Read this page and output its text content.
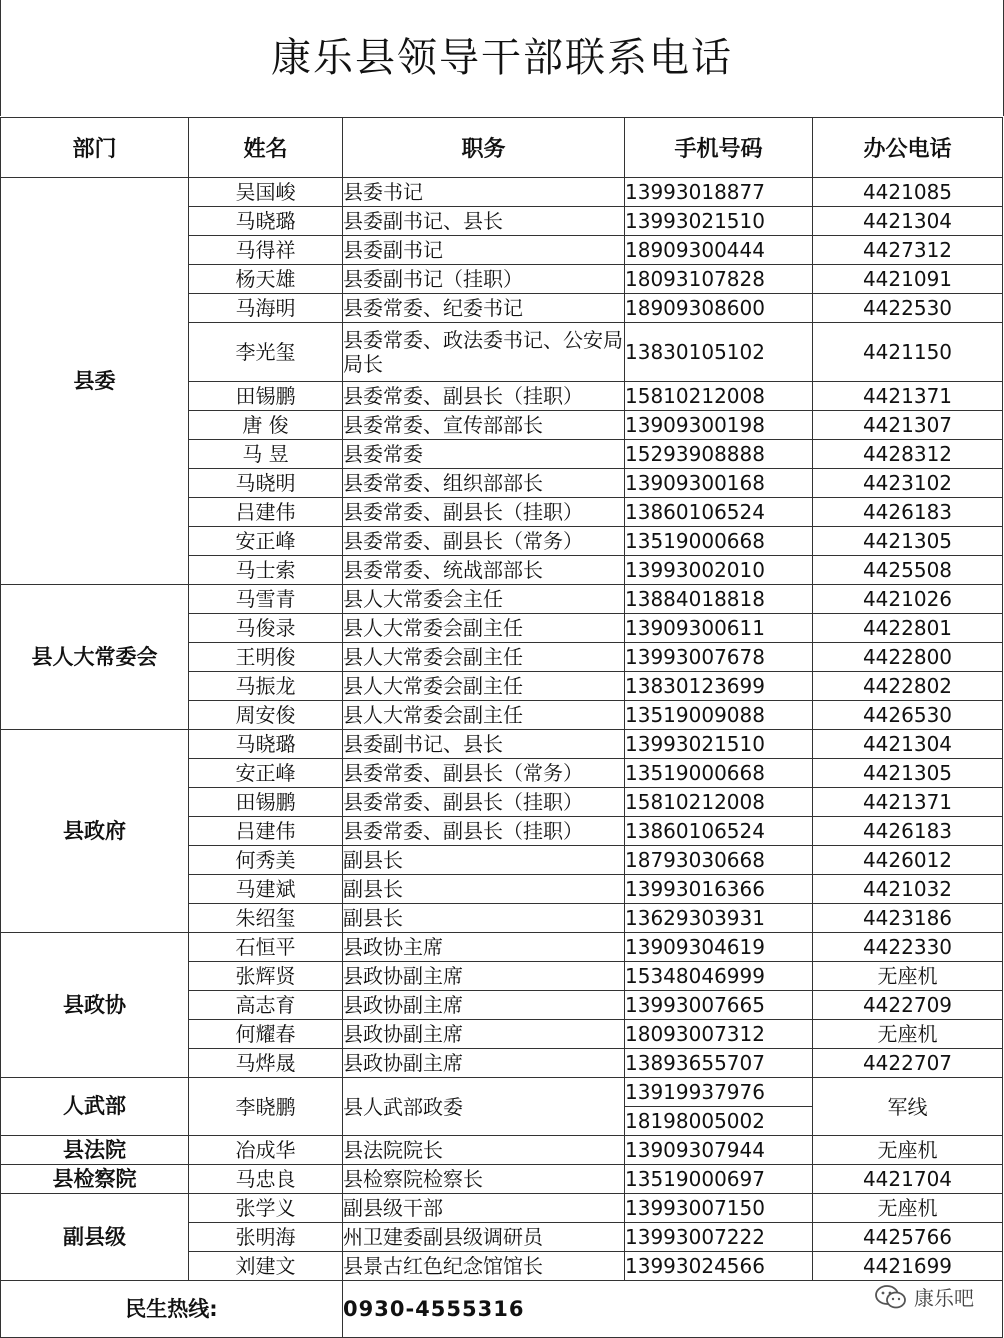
康乐县领导干部联系电话
部门	姓名	职务	手机号码	办公电话
县委	吴国峻	县委书记	13993018877	4421085
	马晓璐	县委副书记、县长	13993021510	4421304
	马得祥	县委副书记	18909300444	4427312
	杨天雄	县委副书记（挂职）	18093107828	4421091
	马海明	县委常委、纪委书记	18909308600	4422530
	李光玺	县委常委、政法委书记、公安局局长	13830105102	4421150
	田锡鹏	县委常委、副县长（挂职）	15810212008	4421371
	唐 俊	县委常委、宣传部部长	13909300198	4421307
	马 昱	县委常委	15293908888	4428312
	马晓明	县委常委、组织部部长	13909300168	4423102
	吕建伟	县委常委、副县长（挂职）	13860106524	4426183
	安正峰	县委常委、副县长（常务）	13519000668	4421305
	马士索	县委常委、统战部部长	13993002010	4425508
县人大常委会	马雪青	县人大常委会主任	13884018818	4421026
	马俊录	县人大常委会副主任	13909300611	4422801
	王明俊	县人大常委会副主任	13993007678	4422800
	马振龙	县人大常委会副主任	13830123699	4422802
	周安俊	县人大常委会副主任	13519009088	4426530
县政府	马晓璐	县委副书记、县长	13993021510	4421304
	安正峰	县委常委、副县长（常务）	13519000668	4421305
	田锡鹏	县委常委、副县长（挂职）	15810212008	4421371
	吕建伟	县委常委、副县长（挂职）	13860106524	4426183
	何秀美	副县长	18793030668	4426012
	马建斌	副县长	13993016366	4421032
	朱绍玺	副县长	13629303931	4423186
县政协	石恒平	县政协主席	13909304619	4422330
	张辉贤	县政协副主席	15348046999	无座机
	高志育	县政协副主席	13993007665	4422709
	何耀春	县政协副主席	18093007312	无座机
	马烨晟	县政协副主席	13893655707	4422707
人武部	李晓鹏	县人武部政委	13919937976	军线
			18198005002	
县法院	冶成华	县法院院长	13909307944	无座机
县检察院	马忠良	县检察院检察长	13519000697	4421704
副县级	张学义	副县级干部	13993007150	无座机
	张明海	州卫建委副县级调研员	13993007222	4425766
	刘建文	县景古红色纪念馆馆长	13993024566	4421699
民生热线:		0930-4555316			康乐吧
